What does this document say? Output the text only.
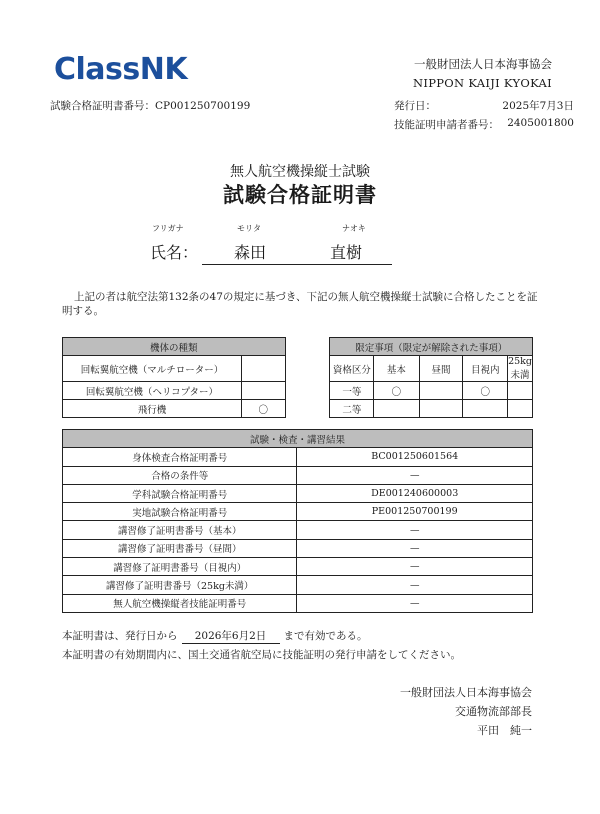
ClassNK	一般財団法人日本海事協会
NIPPON KAIJI KYOKAI
試験合格証明書番号：CP001250700199	発行日：	2025年7月3日
技能証明申請者番号： 2405001800
無人航空機操縦士試験
試験合格証明書
フリガナ	モリタ	ナオキ
氏名： 森田	直樹
上記の者は航空法第132条の47の規定に基づき、下記の無人航空機操縦士試験に合格したことを証明する。
機体の種類			限定事項（限定が解除された事項）				
回転翼航空機（マルチローター）			資格区分	基本	昼間	目視内	25kg未満
回転翼航空機（ヘリコプター）			一等	〇		〇	
飛行機	〇		二等				
試験・検査・講習結果	
身体検査合格証明番号	BC001250601564
合格の条件等	—
学科試験合格証明番号	DE001240600003
実地試験合格証明番号	PE001250700199
講習修了証明書番号（基本）	—
講習修了証明書番号（昼間）	—
講習修了証明書番号（目視内）	—
講習修了証明書番号（25kg未満）	—
無人航空機操縦者技能証明番号	—
本証明書は、発行日から 2026年6月2日 まで有効である。
本証明書の有効期間内に、国土交通省航空局に技能証明の発行申請をしてください。
一般財団法人日本海事協会
交通物流部部長
平田　純一
